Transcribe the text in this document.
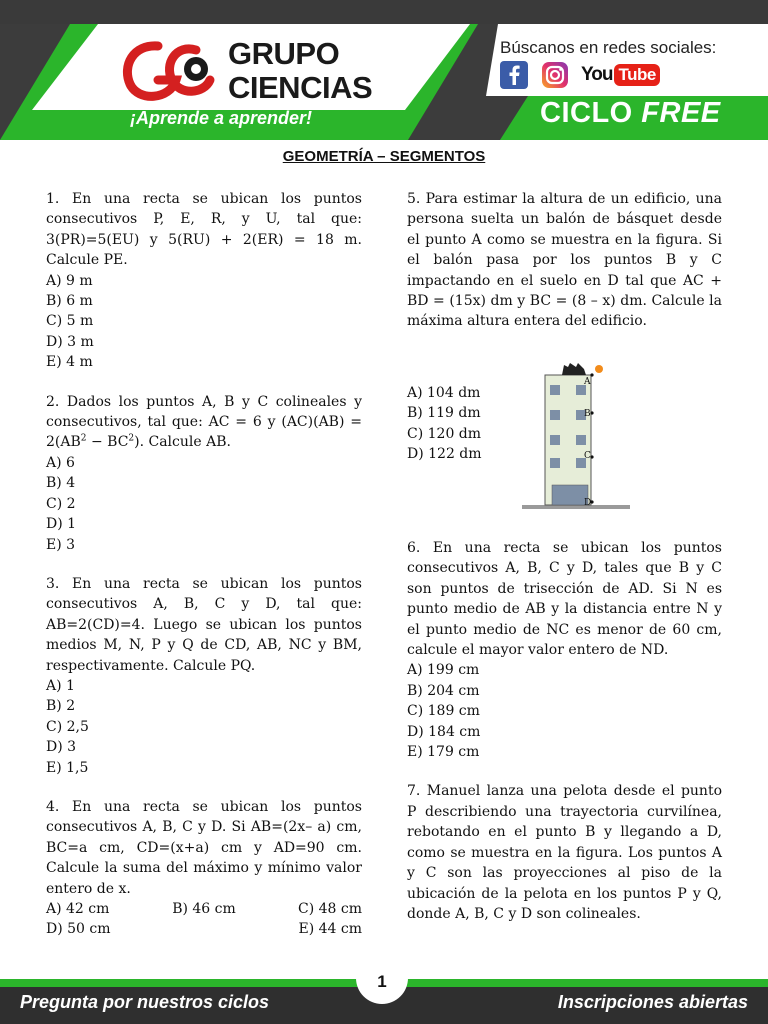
GRUPO
CIENCIAS
¡Aprende a aprender!
Búscanos en redes sociales:
You Tube
CICLO FREE
GEOMETRÍA – SEGMENTOS
1. En una recta se ubican los puntos consecutivos P, E, R, y U, tal que: 3(PR)=5(EU) y 5(RU) + 2(ER) = 18 m. Calcule PE.
A) 9 m
B) 6 m
C) 5 m
D) 3 m
E) 4 m
2. Dados los puntos A, B y C colineales y consecutivos, tal que: AC = 6 y $(AC)(AB) = 2(AB^2 - BC^2)$. Calcule AB.
A) 6
B) 4
C) 2
D) 1
E) 3
3. En una recta se ubican los puntos consecutivos A, B, C y D, tal que: AB=2(CD)=4. Luego se ubican los puntos medios M, N, P y Q de CD, AB, NC y BM, respectivamente. Calcule PQ.
A) 1
B) 2
C) 2,5
D) 3
E) 1,5
4. En una recta se ubican los puntos consecutivos A, B, C y D. Si AB=(2x– a) cm, BC=a cm, CD=(x+a) cm y AD=90 cm. Calcule la suma del máximo y mínimo valor entero de x.
A) 42 cm	B) 46 cm	C) 48 cm
D) 50 cm	E) 44 cm
5. Para estimar la altura de un edificio, una persona suelta un balón de básquet desde el punto A como se muestra en la figura. Si el balón pasa por los puntos B y C impactando en el suelo en D tal que AC + BD = (15x) dm y BC = (8 – x) dm. Calcule la máxima altura entera del edificio.
A) 104 dm
B) 119 dm
C) 120 dm
D) 122 dm
A
B
C
D
6. En una recta se ubican los puntos consecutivos A, B, C y D, tales que B y C son puntos de trisección de AD. Si N es punto medio de AB y la distancia entre N y el punto medio de NC es menor de 60 cm, calcule el mayor valor entero de ND.
A) 199 cm
B) 204 cm
C) 189 cm
D) 184 cm
E) 179 cm
7. Manuel lanza una pelota desde el punto P describiendo una trayectoria curvilínea, rebotando en el punto B y llegando a D, como se muestra en la figura. Los puntos A y C son las proyecciones al piso de la ubicación de la pelota en los puntos P y Q, donde A, B, C y D son colineales.
Pregunta por nuestros ciclos	Inscripciones abiertas
1
